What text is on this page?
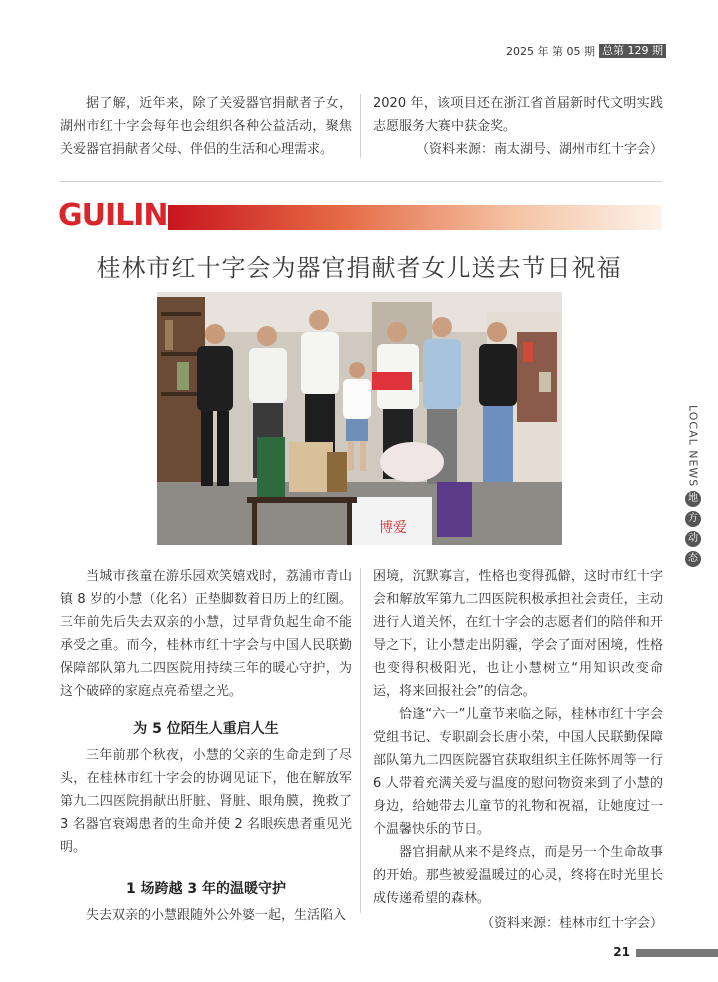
2025 年 第 05 期 总第 129 期

据了解，近年来，除了关爱器官捐献者子女，湖州市红十字会每年也会组织各种公益活动，聚焦关爱器官捐献者父母、伴侣的生活和心理需求。

2020 年，该项目还在浙江省首届新时代文明实践志愿服务大赛中获金奖。

（资料来源：南太湖号、湖州市红十字会）

GUILIN
桂林市红十字会为器官捐献者女儿送去节日祝福
博爱

当城市孩童在游乐园欢笑嬉戏时，荔浦市青山镇 8 岁的小慧（化名）正垫脚数着日历上的红圈。三年前先后失去双亲的小慧，过早背负起生命不能承受之重。而今，桂林市红十字会与中国人民联勤保障部队第九二四医院用持续三年的暖心守护，为这个破碎的家庭点亮希望之光。

为 5 位陌生人重启人生

三年前那个秋夜，小慧的父亲的生命走到了尽头，在桂林市红十字会的协调见证下，他在解放军第九二四医院捐献出肝脏、肾脏、眼角膜，挽救了 3 名器官衰竭患者的生命并使 2 名眼疾患者重见光明。

1 场跨越 3 年的温暖守护

失去双亲的小慧跟随外公外婆一起，生活陷入

困境，沉默寡言，性格也变得孤僻，这时市红十字会和解放军第九二四医院积极承担社会责任，主动进行人道关怀，在红十字会的志愿者们的陪伴和开导之下，让小慧走出阴霾，学会了面对困境，性格也变得积极阳光，也让小慧树立“用知识改变命运，将来回报社会”的信念。

恰逢“六一”儿童节来临之际，桂林市红十字会党组书记、专职副会长唐小荣，中国人民联勤保障部队第九二四医院器官获取组织主任陈怀周等一行 6 人带着充满关爱与温度的慰问物资来到了小慧的身边，给她带去儿童节的礼物和祝福，让她度过一个温馨快乐的节日。

器官捐献从来不是终点，而是另一个生命故事的开始。那些被爱温暖过的心灵，终将在时光里长成传递希望的森林。

（资料来源：桂林市红十字会）

LOCAL NEWS
地
方
动
态
21
